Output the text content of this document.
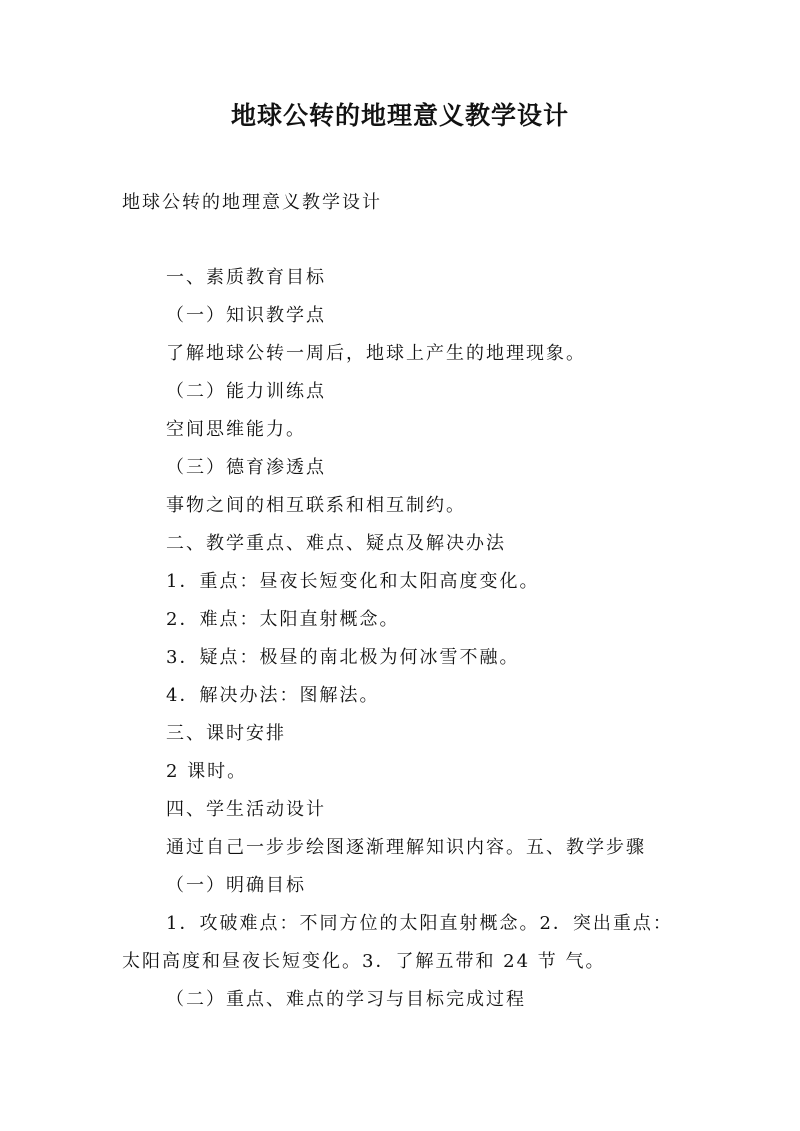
地球公转的地理意义教学设计

地球公转的地理意义教学设计

一、素质教育目标

（一）知识教学点

了解地球公转一周后，地球上产生的地理现象。

（二）能力训练点

空间思维能力。

（三）德育渗透点

事物之间的相互联系和相互制约。

二、教学重点、难点、疑点及解决办法

1．重点：昼夜长短变化和太阳高度变化。

2．难点：太阳直射概念。

3．疑点：极昼的南北极为何冰雪不融。

4．解决办法：图解法。

三、课时安排

2 课时。

四、学生活动设计

通过自己一步步绘图逐渐理解知识内容。五、教学步骤

（一）明确目标

1．攻破难点：不同方位的太阳直射概念。2．突出重点：

太阳高度和昼夜长短变化。3．了解五带和 24 节 气。

（二）重点、难点的学习与目标完成过程
